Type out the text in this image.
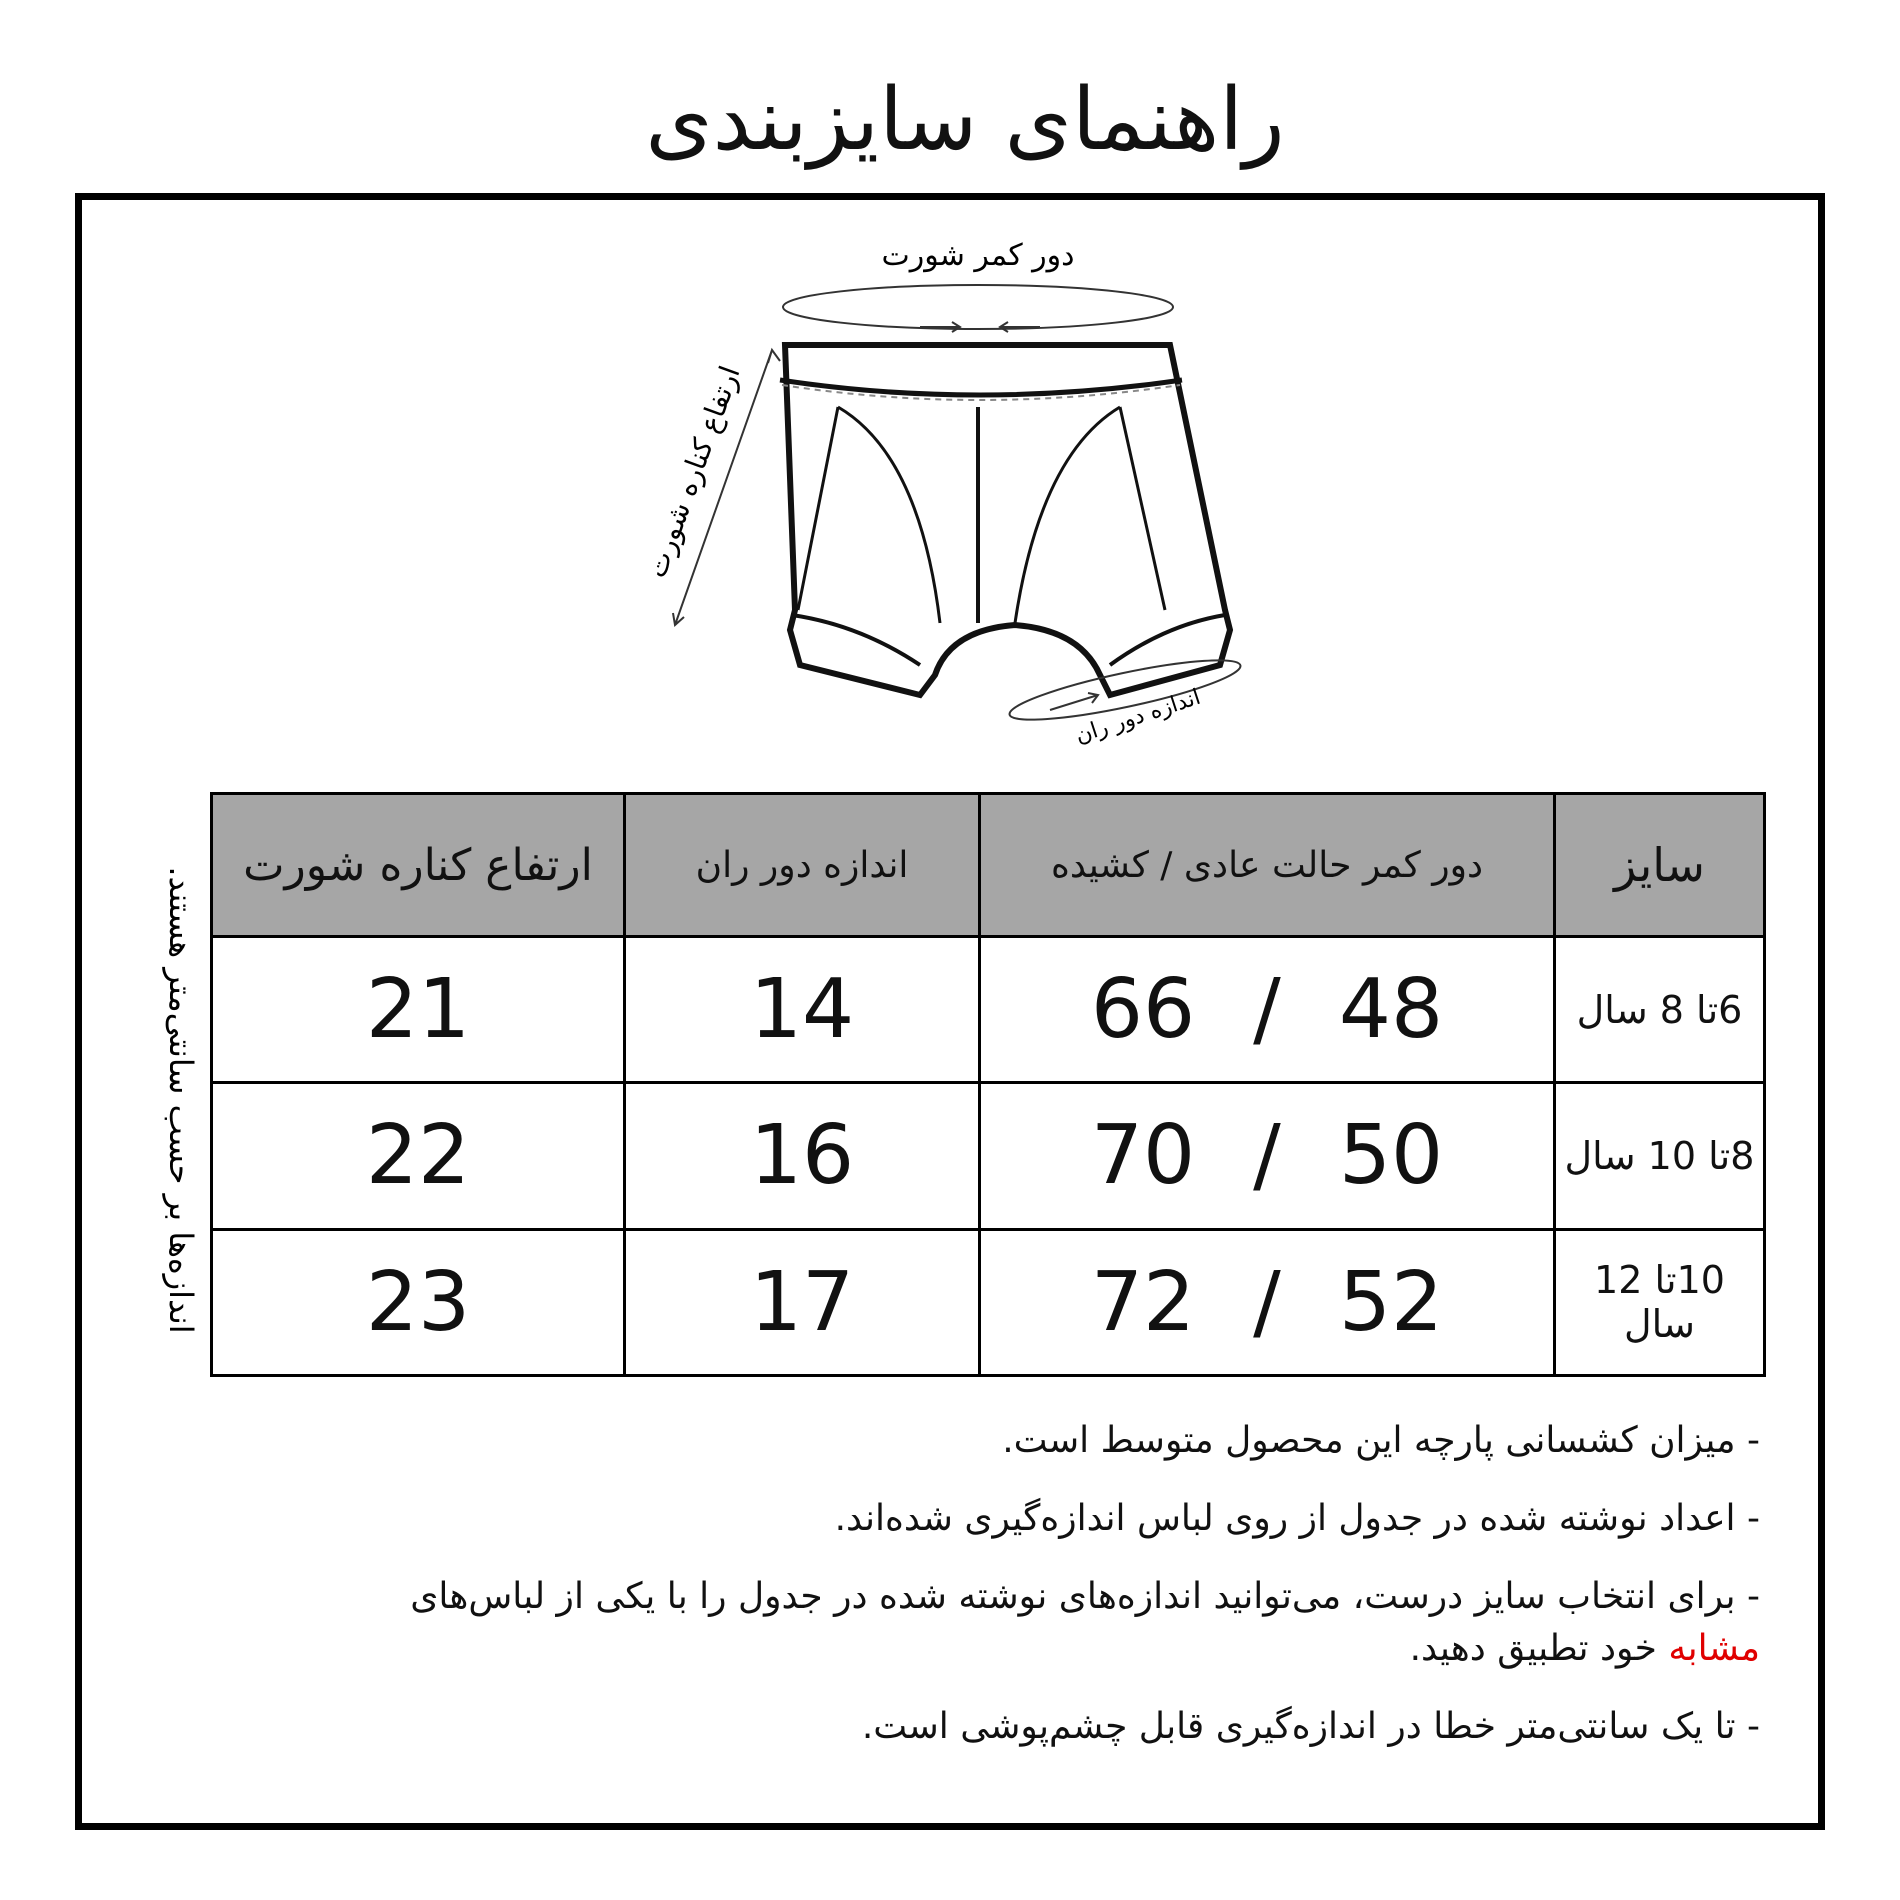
راهنمای سایزبندی
دور کمر شورت
ارتفاع کناره شورت
اندازه دور ران
اندازه‌ها بر حسب سانتی‌متر هستند.
سایز	دور کمر حالت عادی / کشیده	اندازه دور ران	ارتفاع کناره شورت
6تا 8 سال	48/66	14	21
8تا 10 سال	50/70	16	22
10تا 12 سال	52/72	17	23
- میزان کشسانی پارچه این محصول متوسط است.
- اعداد نوشته شده در جدول از روی لباس اندازه‌گیری شده‌اند.
- برای انتخاب سایز درست، می‌توانید اندازه‌های نوشته شده در جدول را با یکی از لباس‌های
مشابه خود تطبیق دهید.
- تا یک سانتی‌متر خطا در اندازه‌گیری قابل چشم‌پوشی است.
